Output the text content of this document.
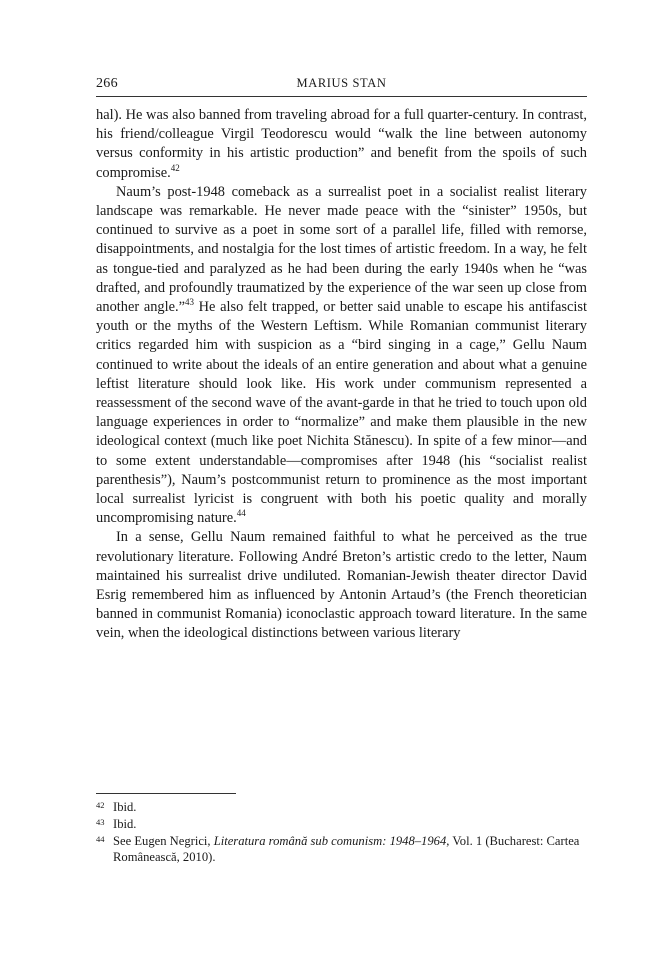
266	MARIUS STAN

hal). He was also banned from traveling abroad for a full quarter-century. In contrast, his friend/colleague Virgil Teodorescu would “walk the line between autonomy versus conformity in his artistic production” and benefit from the spoils of such compromise.$^{42}$

Naum’s post-1948 comeback as a surrealist poet in a socialist realist literary landscape was remarkable. He never made peace with the “sinister” 1950s, but continued to survive as a poet in some sort of a parallel life, filled with remorse, disappointments, and nostalgia for the lost times of artistic freedom. In a way, he felt as tongue-tied and paralyzed as he had been during the early 1940s when he “was drafted, and profoundly traumatized by the experience of the war seen up close from another angle.”$^{43}$ He also felt trapped, or better said unable to escape his antifascist youth or the myths of the Western Leftism. While Romanian communist literary critics regarded him with suspicion as a “bird singing in a cage,” Gellu Naum continued to write about the ideals of an entire generation and about what a genuine leftist literature should look like. His work under communism represented a reassessment of the second wave of the avant-garde in that he tried to touch upon old language experiences in order to “normalize” and make them plausible in the new ideological context (much like poet Nichita Stănescu). In spite of a few minor—and to some extent understandable—compromises after 1948 (his “socialist realist parenthesis”), Naum’s postcommunist return to prominence as the most important local surrealist lyricist is congruent with both his poetic quality and morally uncompromising nature.$^{44}$

In a sense, Gellu Naum remained faithful to what he perceived as the true revolutionary literature. Following André Breton’s artistic credo to the letter, Naum maintained his surrealist drive undiluted. Romanian-Jewish theater director David Esrig remembered him as influenced by Antonin Artaud’s (the French theoretician banned in communist Romania) iconoclastic approach toward literature. In the same vein, when the ideological distinctions between various literary

42 Ibid.
43 Ibid.
44 See Eugen Negrici, Literatura română sub comunism: 1948–1964, Vol. 1 (Bucharest: Cartea Românească, 2010).
